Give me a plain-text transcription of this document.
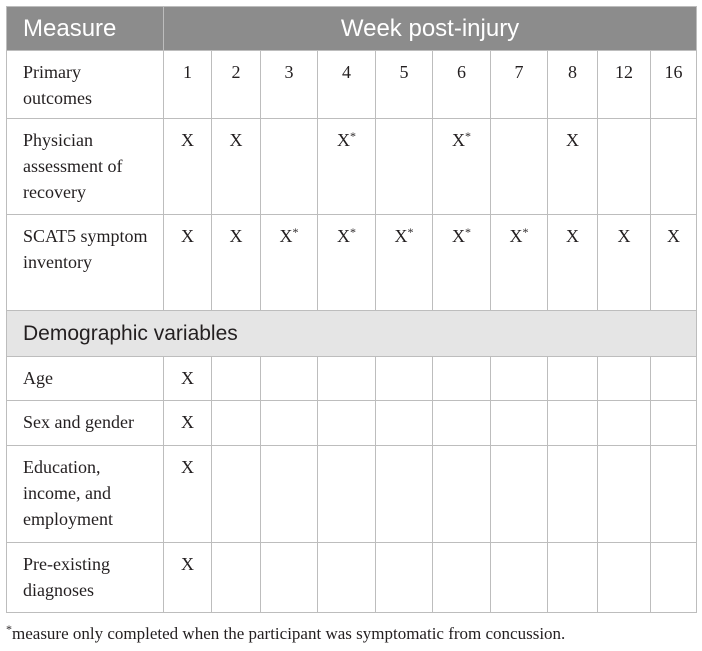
Measure	Week post-injury									
Primary outcomes	1	2	3	4	5	6	7	8	12	16
Physician assessment of recovery	X	X		X*		X*		X		
SCAT5 symptom inventory	X	X	X*	X*	X*	X*	X*	X	X	X
Demographic variables										
Age	X									
Sex and gender	X									
Education, income, and employment	X									
Pre-existing diagnoses	X									
*measure only completed when the participant was symptomatic from concussion.
